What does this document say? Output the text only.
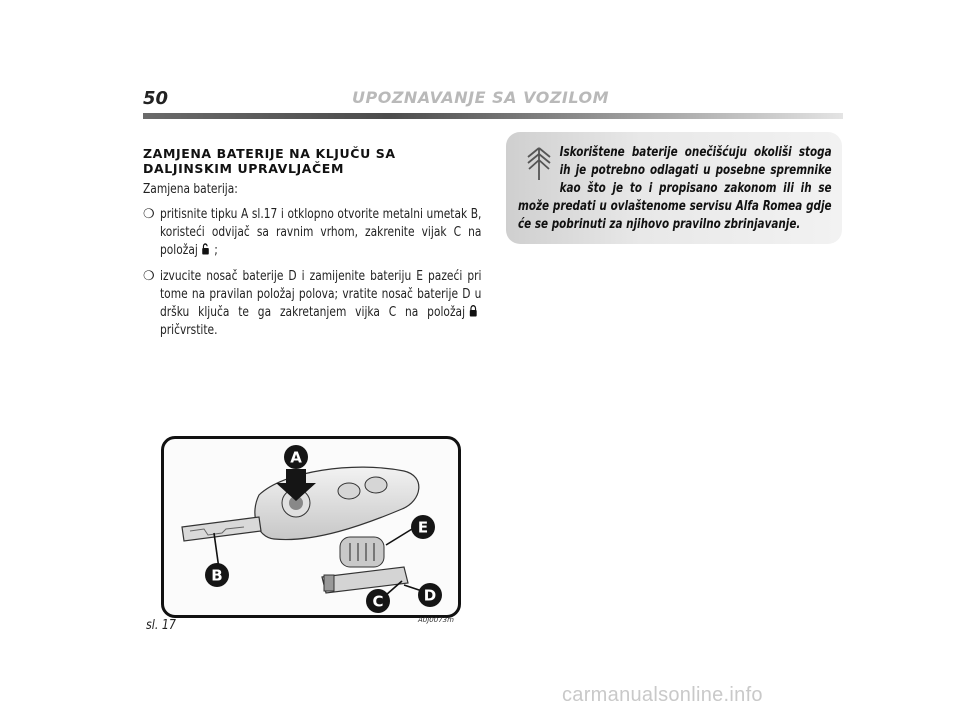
50	UPOZNAVANJE SA VOZILOM
ZAMJENA BATERIJE NA KLJUČU SA DALJINSKIM UPRAVLJAČEM
Zamjena baterija:
❍ pritisnite tipku A sl.17 i otklopno otvorite metalni umetak B, koristeći odvijač sa ravnim vrhom, zakrenite vijak C na položaj ;
❍ izvucite nosač baterije D i zamijenite bateriju E pazeći pri tome na pravilan položaj polova; vratite nosač baterije D u dršku ključa te ga zakretanjem vijka C na položajpričvrstite.
Iskorištene baterije onečišćuju okoliši stoga ih je potrebno odlagati u posebne spremnike kao što je to i propisano zakonom ili ih se može predati u ovlaštenome servisu Alfa Romea gdje će se pobrinuti za njihovo pravilno zbrinjavanje.
A
B
C	D
E
A0J0073m
sl. 17
carmanualsonline.info
